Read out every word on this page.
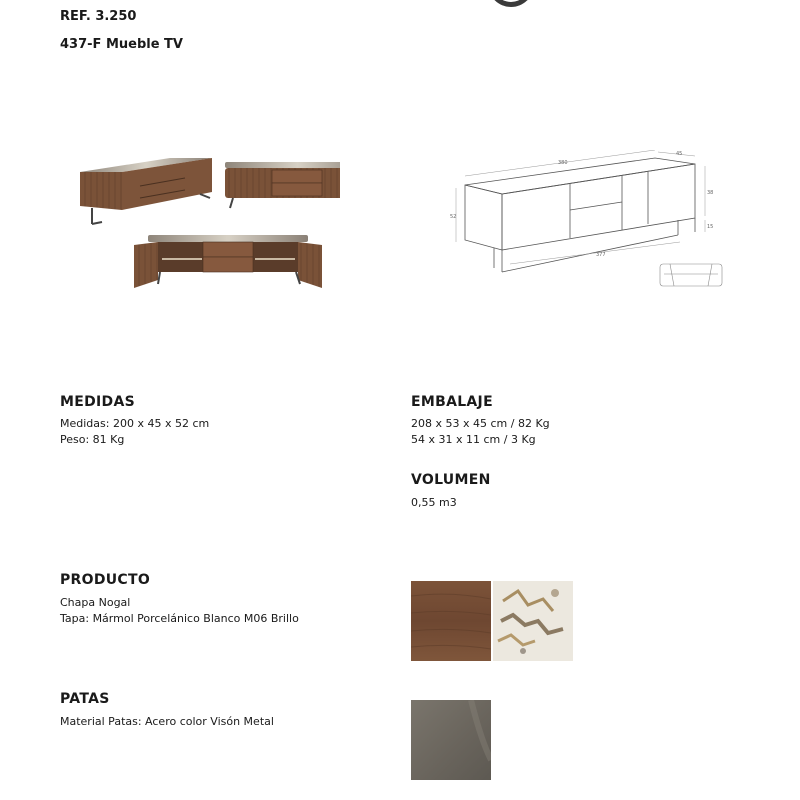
REF. 3.250
437-F Mueble TV
380
45
52
38
15
377
MEDIDAS
Medidas: 200 x 45 x 52 cm
Peso: 81 Kg
EMBALAJE
208 x 53 x 45 cm / 82 Kg
54 x 31 x 11 cm / 3 Kg
VOLUMEN
0,55 m3
PRODUCTO
Chapa Nogal
Tapa: Mármol Porcelánico Blanco M06 Brillo
PATAS
Material Patas: Acero color Visón Metal
